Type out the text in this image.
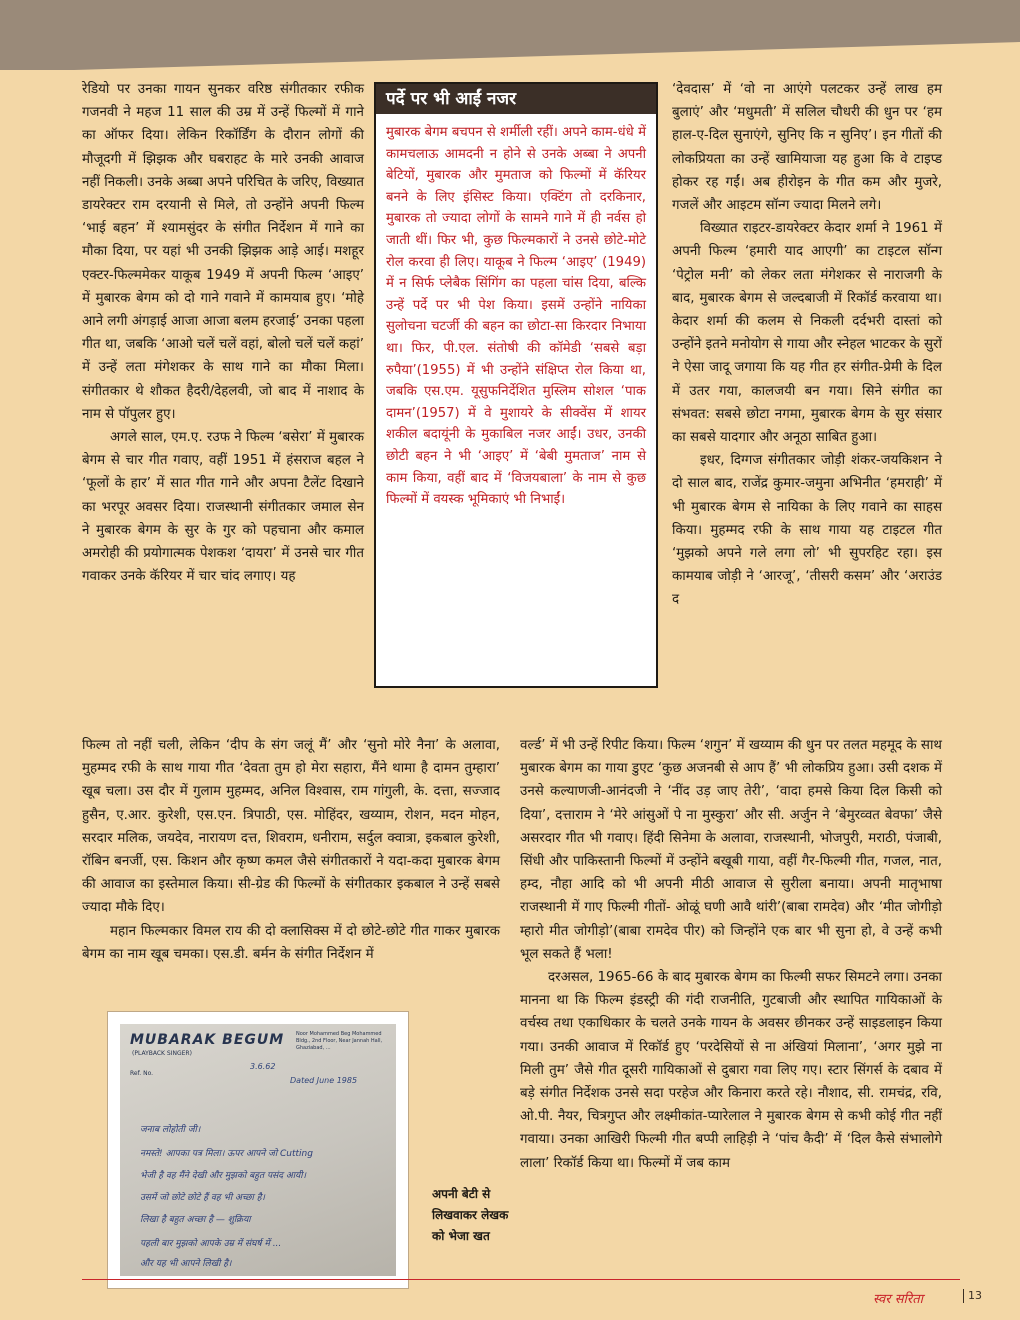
रेडियो पर उनका गायन सुनकर वरिष्ठ संगीतकार रफीक गजनवी ने महज 11 साल की उम्र में उन्हें फिल्मों में गाने का ऑफर दिया। लेकिन रिकॉर्डिंग के दौरान लोगों की मौजूदगी में झिझक और घबराहट के मारे उनकी आवाज नहीं निकली। उनके अब्बा अपने परिचित के जरिए, विख्यात डायरेक्टर राम दरयानी से मिले, तो उन्होंने अपनी फिल्म ‘भाई बहन’ में श्यामसुंदर के संगीत निर्देशन में गाने का मौका दिया, पर यहां भी उनकी झिझक आड़े आई। मशहूर एक्टर-फिल्ममेकर याकूब 1949 में अपनी फिल्म ‘आइए’ में मुबारक बेगम को दो गाने गवाने में कामयाब हुए। ‘मोहे आने लगी अंगड़ाई आजा आजा बलम हरजाई’ उनका पहला गीत था, जबकि ‘आओ चलें चलें वहां, बोलो चलें चलें कहां’ में उन्हें लता मंगेशकर के साथ गाने का मौका मिला। संगीतकार थे शौकत हैदरी/देहलवी, जो बाद में नाशाद के नाम से पॉपुलर हुए।

अगले साल, एम.ए. रउफ ने फिल्म ‘बसेरा’ में मुबारक बेगम से चार गीत गवाए, वहीं 1951 में हंसराज बहल ने ‘फूलों के हार’ में सात गीत गाने और अपना टैलेंट दिखाने का भरपूर अवसर दिया। राजस्थानी संगीतकार जमाल सेन ने मुबारक बेगम के सुर के गुर को पहचाना और कमाल अमरोही की प्रयोगात्मक पेशकश ‘दायरा’ में उनसे चार गीत गवाकर उनके कॅरियर में चार चांद लगाए। यह

पर्दे पर भी आईं नजर
मुबारक बेगम बचपन से शर्मीली रहीं। अपने काम-धंधे में कामचलाऊ आमदनी न होने से उनके अब्बा ने अपनी बेटियों, मुबारक और मुमताज को फिल्मों में कॅरियर बनने के लिए इंसिस्ट किया। एक्टिंग तो दरकिनार, मुबारक तो ज्यादा लोगों के सामने गाने में ही नर्वस हो जाती थीं। फिर भी, कुछ फिल्मकारों ने उनसे छोटे-मोटे रोल करवा ही लिए। याकूब ने फिल्म ‘आइए’ (1949) में न सिर्फ प्लेबैक सिंगिंग का पहला चांस दिया, बल्कि उन्हें पर्दे पर भी पेश किया। इसमें उन्होंने नायिका सुलोचना चटर्जी की बहन का छोटा-सा किरदार निभाया था। फिर, पी.एल. संतोषी की कॉमेडी ‘सबसे बड़ा रुपैया’(1955) में भी उन्होंने संक्षिप्त रोल किया था, जबकि एस.एम. यूसुफनिर्देशित मुस्लिम सोशल ‘पाक दामन’(1957) में वे मुशायरे के सीक्वेंस में शायर शकील बदायूंनी के मुकाबिल नजर आईं। उधर, उनकी छोटी बहन ने भी ‘आइए’ में ‘बेबी मुमताज’ नाम से काम किया, वहीं बाद में ‘विजयबाला’ के नाम से कुछ फिल्मों में वयस्क भूमिकाएं भी निभाईं।

‘देवदास’ में ‘वो ना आएंगे पलटकर उन्हें लाख हम बुलाएं’ और ‘मधुमती’ में सलिल चौधरी की धुन पर ‘हम हाल-ए-दिल सुनाएंगे, सुनिए कि न सुनिए’। इन गीतों की लोकप्रियता का उन्हें खामियाजा यह हुआ कि वे टाइप्ड होकर रह गईं। अब हीरोइन के गीत कम और मुजरे, गजलें और आइटम सॉन्ग ज्यादा मिलने लगे।

विख्यात राइटर-डायरेक्टर केदार शर्मा ने 1961 में अपनी फिल्म ‘हमारी याद आएगी’ का टाइटल सॉन्ग ‘पेट्रोल मनी’ को लेकर लता मंगेशकर से नाराजगी के बाद, मुबारक बेगम से जल्दबाजी में रिकॉर्ड करवाया था। केदार शर्मा की कलम से निकली दर्दभरी दास्तां को उन्होंने इतने मनोयोग से गाया और स्नेहल भाटकर के सुरों ने ऐसा जादू जगाया कि यह गीत हर संगीत-प्रेमी के दिल में उतर गया, कालजयी बन गया। सिने संगीत का संभवत: सबसे छोटा नगमा, मुबारक बेगम के सुर संसार का सबसे यादगार और अनूठा साबित हुआ।

इधर, दिग्गज संगीतकार जोड़ी शंकर-जयकिशन ने दो साल बाद, राजेंद्र कुमार-जमुना अभिनीत ‘हमराही’ में भी मुबारक बेगम से नायिका के लिए गवाने का साहस किया। मुहम्मद रफी के साथ गाया यह टाइटल गीत ‘मुझको अपने गले लगा लो’ भी सुपरहिट रहा। इस कामयाब जोड़ी ने ‘आरजू’, ‘तीसरी कसम’ और ‘अराउंड द

फिल्म तो नहीं चली, लेकिन ‘दीप के संग जलूं मैं’ और ‘सुनो मोरे नैना’ के अलावा, मुहम्मद रफी के साथ गाया गीत ‘देवता तुम हो मेरा सहारा, मैंने थामा है दामन तुम्हारा’ खूब चला। उस दौर में गुलाम मुहम्मद, अनिल विश्वास, राम गांगुली, के. दत्ता, सज्जाद हुसैन, ए.आर. कुरेशी, एस.एन. त्रिपाठी, एस. मोहिंदर, खय्याम, रोशन, मदन मोहन, सरदार मलिक, जयदेव, नारायण दत्त, शिवराम, धनीराम, सर्दुल क्वात्रा, इकबाल कुरेशी, रॉबिन बनर्जी, एस. किशन और कृष्ण कमल जैसे संगीतकारों ने यदा-कदा मुबारक बेगम की आवाज का इस्तेमाल किया। सी-ग्रेड की फिल्मों के संगीतकार इकबाल ने उन्हें सबसे ज्यादा मौके दिए।

महान फिल्मकार विमल राय की दो क्लासिक्स में दो छोटे-छोटे गीत गाकर मुबारक बेगम का नाम खूब चमका। एस.डी. बर्मन के संगीत निर्देशन में

वर्ल्ड’ में भी उन्हें रिपीट किया। फिल्म ‘शगुन’ में खय्याम की धुन पर तलत महमूद के साथ मुबारक बेगम का गाया डुएट ‘कुछ अजनबी से आप हैं’ भी लोकप्रिय हुआ। उसी दशक में उनसे कल्याणजी-आनंदजी ने ‘नींद उड़ जाए तेरी’, ‘वादा हमसे किया दिल किसी को दिया’, दत्ताराम ने ‘मेरे आंसुओं पे ना मुस्कुरा’ और सी. अर्जुन ने ‘बेमुरव्वत बेवफा’ जैसे असरदार गीत भी गवाए। हिंदी सिनेमा के अलावा, राजस्थानी, भोजपुरी, मराठी, पंजाबी, सिंधी और पाकिस्तानी फिल्मों में उन्होंने बखूबी गाया, वहीं गैर-फिल्मी गीत, गजल, नात, हम्द, नौहा आदि को भी अपनी मीठी आवाज से सुरीला बनाया। अपनी मातृभाषा राजस्थानी में गाए फिल्मी गीतों- ओळूं घणी आवै थांरी’(बाबा रामदेव) और ‘मीत जोगीड़ो म्हारो मीत जोगीड़ो’(बाबा रामदेव पीर) को जिन्होंने एक बार भी सुना हो, वे उन्हें कभी भूल सकते हैं भला!

दरअसल, 1965-66 के बाद मुबारक बेगम का फिल्मी सफर सिमटने लगा। उनका मानना था कि फिल्म इंडस्ट्री की गंदी राजनीति, गुटबाजी और स्थापित गायिकाओं के वर्चस्व तथा एकाधिकार के चलते उनके गायन के अवसर छीनकर उन्हें साइडलाइन किया गया। उनकी आवाज में रिकॉर्ड हुए ‘परदेसियों से ना अंखियां मिलाना’, ‘अगर मुझे ना मिली तुम’ जैसे गीत दूसरी गायिकाओं से दुबारा गवा लिए गए। स्टार सिंगर्स के दबाव में बड़े संगीत निर्देशक उनसे सदा परहेज और किनारा करते रहे। नौशाद, सी. रामचंद्र, रवि, ओ.पी. नैयर, चित्रगुप्त और लक्ष्मीकांत-प्यारेलाल ने मुबारक बेगम से कभी कोई गीत नहीं गवाया। उनका आखिरी फिल्मी गीत बप्पी लाहिड़ी ने ‘पांच कैदी’ में ‘दिल कैसे संभालोगे लाला’ रिकॉर्ड किया था। फिल्मों में जब काम

MUBARAK BEGUM
(PLAYBACK SINGER)
Noor Mohammed Beg Mohammed Bldg., 2nd Floor, Near Jannah Hall, Ghaziabad, ...
Ref. No.
3.6.62
Dated June 1985
जनाब लोहोती जी।
नमस्ते! आपका पत्र मिला। ऊपर आपने जो Cutting
भेजी है वह मैंने देखी और मुझको बहुत पसंद आयी।
उसमें जो छोटे छोटे हैं वह भी अच्छा है।
लिखा है बहुत अच्छा है — शुक्रिया
पहली बार मुझको आपके उम्र में संघर्ष में ...
और यह भी आपने लिखी है।
अपनी बेटी से लिखवाकर लेखक को भेजा खत
स्वर सरिता	13
